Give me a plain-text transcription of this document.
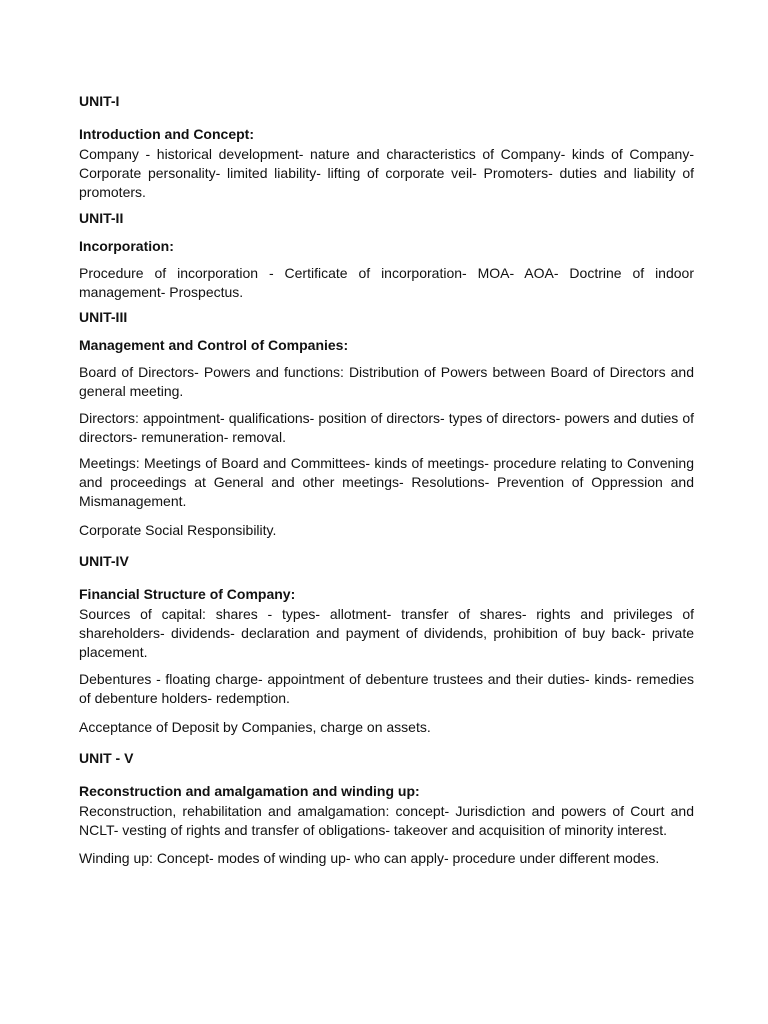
UNIT-I

Introduction and Concept:

Company - historical development- nature and characteristics of Company- kinds of Company- Corporate personality- limited liability- lifting of corporate veil- Promoters- duties and liability of promoters.

UNIT-II

Incorporation:

Procedure of incorporation - Certificate of incorporation- MOA- AOA- Doctrine of indoor management- Prospectus.

UNIT-III

Management and Control of Companies:

Board of Directors- Powers and functions: Distribution of Powers between Board of Directors and general meeting.

Directors: appointment- qualifications- position of directors- types of directors- powers and duties of directors- remuneration- removal.

Meetings: Meetings of Board and Committees- kinds of meetings- procedure relating to Convening and proceedings at General and other meetings- Resolutions- Prevention of Oppression and Mismanagement.

Corporate Social Responsibility.

UNIT-IV

Financial Structure of Company:

Sources of capital: shares - types- allotment- transfer of shares- rights and privileges of shareholders- dividends- declaration and payment of dividends, prohibition of buy back- private placement.

Debentures - floating charge- appointment of debenture trustees and their duties- kinds- remedies of debenture holders- redemption.

Acceptance of Deposit by Companies, charge on assets.

UNIT - V

Reconstruction and amalgamation and winding up:

Reconstruction, rehabilitation and amalgamation: concept- Jurisdiction and powers of Court and NCLT- vesting of rights and transfer of obligations- takeover and acquisition of minority interest.

Winding up: Concept- modes of winding up- who can apply- procedure under different modes.
